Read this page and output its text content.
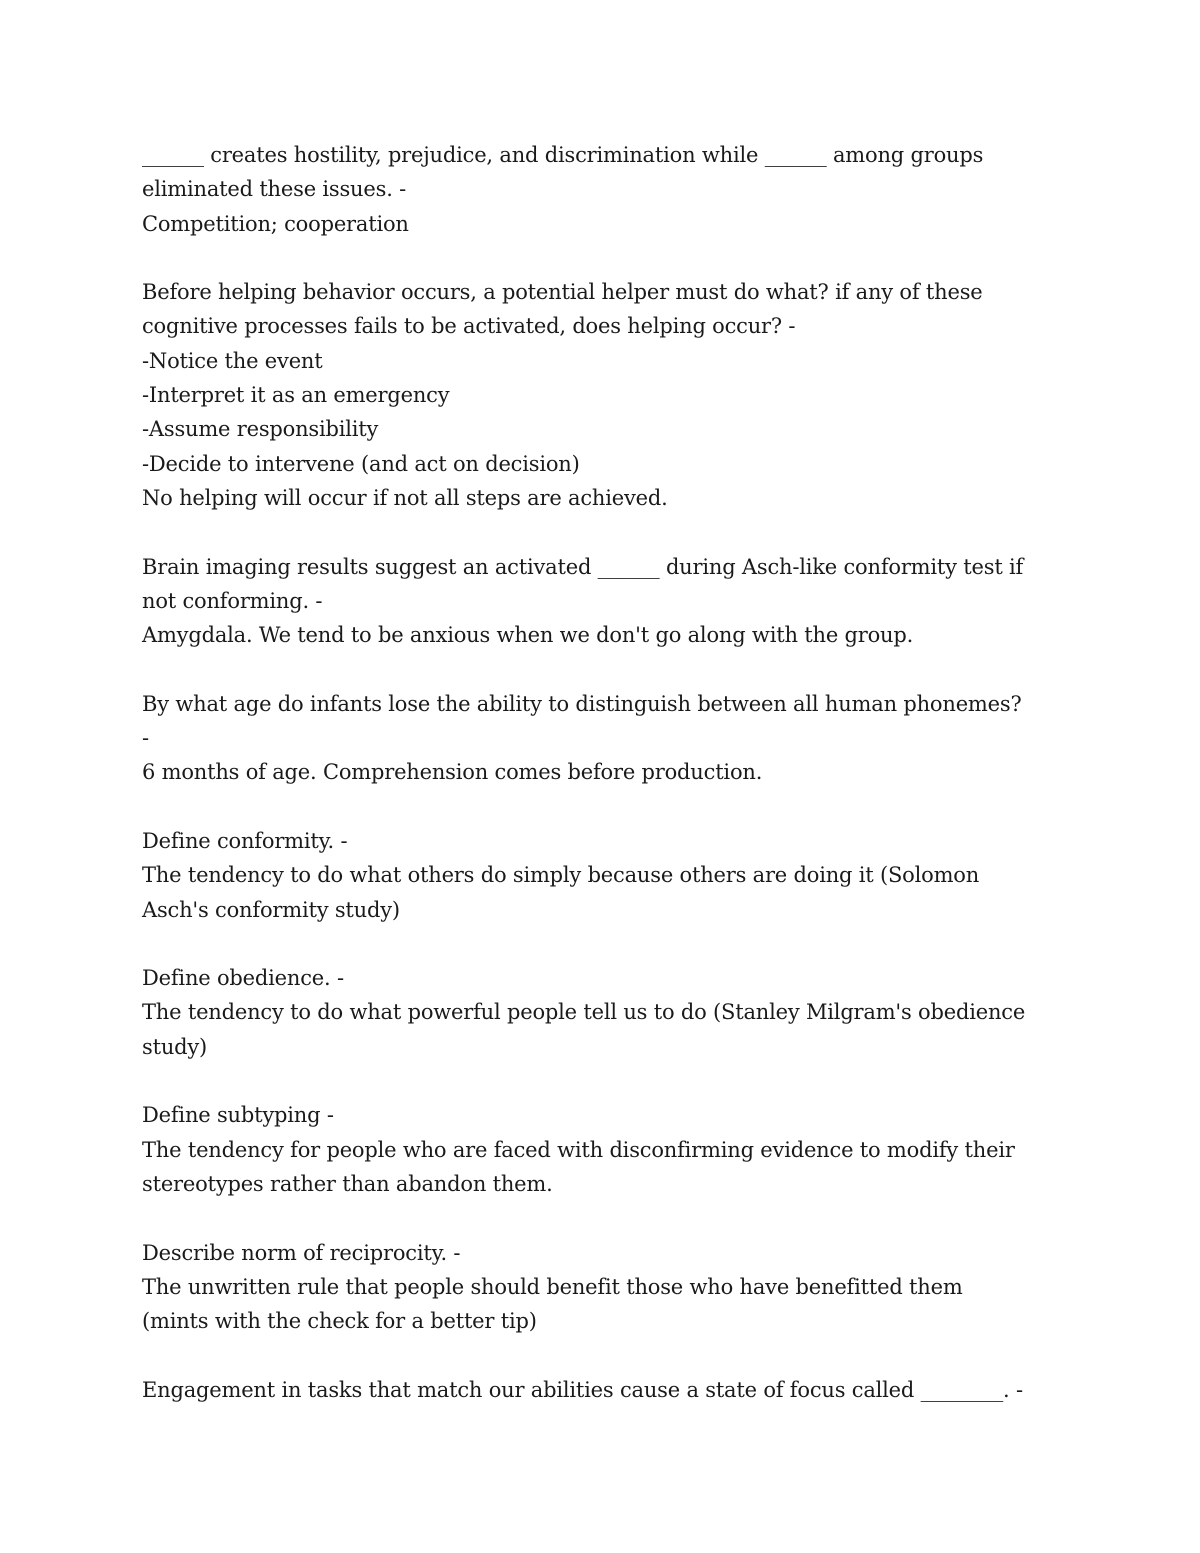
______ creates hostility, prejudice, and discrimination while ______ among groups
eliminated these issues. -
Competition; cooperation
Before helping behavior occurs, a potential helper must do what? if any of these
cognitive processes fails to be activated, does helping occur? -
-Notice the event
-Interpret it as an emergency
-Assume responsibility
-Decide to intervene (and act on decision)
No helping will occur if not all steps are achieved.
Brain imaging results suggest an activated ______ during Asch-like conformity test if
not conforming. -
Amygdala. We tend to be anxious when we don't go along with the group.
By what age do infants lose the ability to distinguish between all human phonemes?
-
6 months of age. Comprehension comes before production.
Define conformity. -
The tendency to do what others do simply because others are doing it (Solomon
Asch's conformity study)
Define obedience. -
The tendency to do what powerful people tell us to do (Stanley Milgram's obedience
study)
Define subtyping -
The tendency for people who are faced with disconfirming evidence to modify their
stereotypes rather than abandon them.
Describe norm of reciprocity. -
The unwritten rule that people should benefit those who have benefitted them
(mints with the check for a better tip)
Engagement in tasks that match our abilities cause a state of focus called ________. -
